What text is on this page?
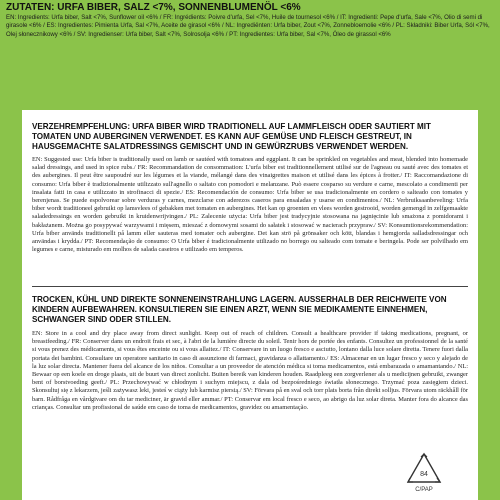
ZUTATEN: URFA BIBER, SALZ <7%, SONNENBLUMENÖL <6%

EN: Ingredients: Urfa biber, Salt <7%, Sunflower oil <6% / FR: Ingrédients: Poivre d'urfa, Sel <7%, Huile de tournesol <6% / IT: Ingredienti: Pepe d'urfa, Sale <7%, Olio di semi di girasole <6% / ES: Ingredientes: Pimienta Urfa, Sal <7%, Aceite de girasol <6% / NL: Ingrediënten: Urfa biber, Zout <7%, Zonnebloemolie <6% / PL: Składniki: Biber Urfa, Sól <7%, Olej słonecznikowy <6% / SV: Ingredienser: Urfa biber, Salt <7%, Solrosolja <6% / PT: Ingredientes: Urfa biber, Sal <7%, Óleo de girassol <6%

VERZEHREMPFEHLUNG: URFA BIBER WIRD TRADITIONELL AUF LAMMFLEISCH ODER SAUTIERT MIT TOMATEN UND AUBERGINEN VERWENDET. ES KANN AUF GEMÜSE UND FLEISCH GESTREUT, IN HAUSGEMACHTE SALATDRESSINGS GEMISCHT UND IN GEWÜRZRUBS VERWENDET WERDEN.

EN: Suggested use: Urfa biber is traditionally used on lamb or sautéed with tomatoes and eggplant. It can be sprinkled on vegetables and meat, blended into homemade salad dressings, and used in spice rubs./ FR: Recommandation de consommation: L'urfa biber est traditionnellement utilisé sur de l'agneau ou sauté avec des tomates et des aubergines. Il peut être saupoudré sur les légumes et la viande, mélangé dans des vinaigrettes maison et utilisé dans les épices à frotter./ IT: Raccomandazione di consumo: Urfa biber è tradizionalmente utilizzato sull'agnello o saltato con pomodori e melanzane. Può essere cosparso su verdure e carne, mescolato a condimenti per insalata fatti in casa e utilizzato in strofinacci di spezie./ ES: Recomendación de consumo: Urfa biber se usa tradicionalmente en cordero o salteado con tomates y berenjenas. Se puede espolvorear sobre verduras y carnes, mezclarse con aderezos caseros para ensaladas y usarse en condimentos./ NL: Verbruiksaanbeveling: Urfa biber wordt traditioneel gebruikt op lamsvlees of gebakken met tomaten en aubergines. Het kan op groenten en vlees worden gestrooid, worden gemengd in zelfgemaakte saladedressings en worden gebruikt in kruidenwrijvingen./ PL: Zalecenie użycia: Urfa biber jest tradycyjnie stosowana na jagnięcinie lub smażona z pomidorami i bakłażanem. Można go posypywać warzywami i mięsem, mieszać z domowymi sosami do sałatek i stosować w nacierach przypraw./ SV: Konsumtionsrekommendation: Urfa biber används traditionellt på lamm eller sauteras med tomater och aubergine. Det kan strö på grönsaker och kött, blandas i hemgjorda salladsdressingar och användas i krydda./ PT: Recomendação de consumo: O Urfa biber é tradicionalmente utilizado no borrego ou salteado com tomate e beringela. Pode ser polvilhado em legumes e carne, misturado em molhos de salada caseiros e utilizado em temperos.

TROCKEN, KÜHL UND DIREKTE SONNENEINSTRAHLUNG LAGERN. AUSSERHALB DER REICHWEITE VON KINDERN AUFBEWAHREN. KONSULTIEREN SIE EINEN ARZT, WENN SIE MEDIKAMENTE EINNEHMEN, SCHWANGER SIND ODER STILLEN.

EN: Store in a cool and dry place away from direct sunlight. Keep out of reach of children. Consult a healthcare provider if taking medications, pregnant, or breastfeeding./ FR: Conserver dans un endroit frais et sec, à l'abri de la lumière directe du soleil. Tenir hors de portée des enfants. Consultez un professionnel de la santé si vous prenez des médicaments, si vous êtes enceinte ou si vous allaitez./ IT: Conservare in un luogo fresco e asciutto, lontano dalla luce solare diretta. Tenere fuori dalla portata dei bambini. Consultare un operatore sanitario in caso di assunzione di farmaci, gravidanza o allattamento./ ES: Almacenar en un lugar fresco y seco y alejado de la luz solar directa. Mantener fuera del alcance de los niños. Consultar a un proveedor de atención médica si toma medicamentos, está embarazada o amamantando./ NL: Bewaar op een koele en droge plaats, uit de buurt van direct zonlicht. Buiten bereik van kinderen houden. Raadpleeg een zorgverlener als u medicijnen gebruikt, zwanger bent of borstvoeding geeft./ PL: Przechowywać w chłodnym i suchym miejscu, z dala od bezpośredniego światła słonecznego. Trzymać poza zasięgiem dzieci. Skonsultuj się z lekarzem, jeśli zażywasz leki, jesteś w ciąży lub karmisz piersią./ SV: Förvara på en sval och torr plats borta från direkt solljus. Förvara utom räckhåll för barn. Rådfråga en vårdgivare om du tar mediciner, är gravid eller ammar./ PT: Conservar em local fresco e seco, ao abrigo da luz solar direta. Manter fora do alcance das crianças. Consultar um profissional de saúde em caso de toma de medicamentos, gravidez ou amamentação.

84
C/PAP
